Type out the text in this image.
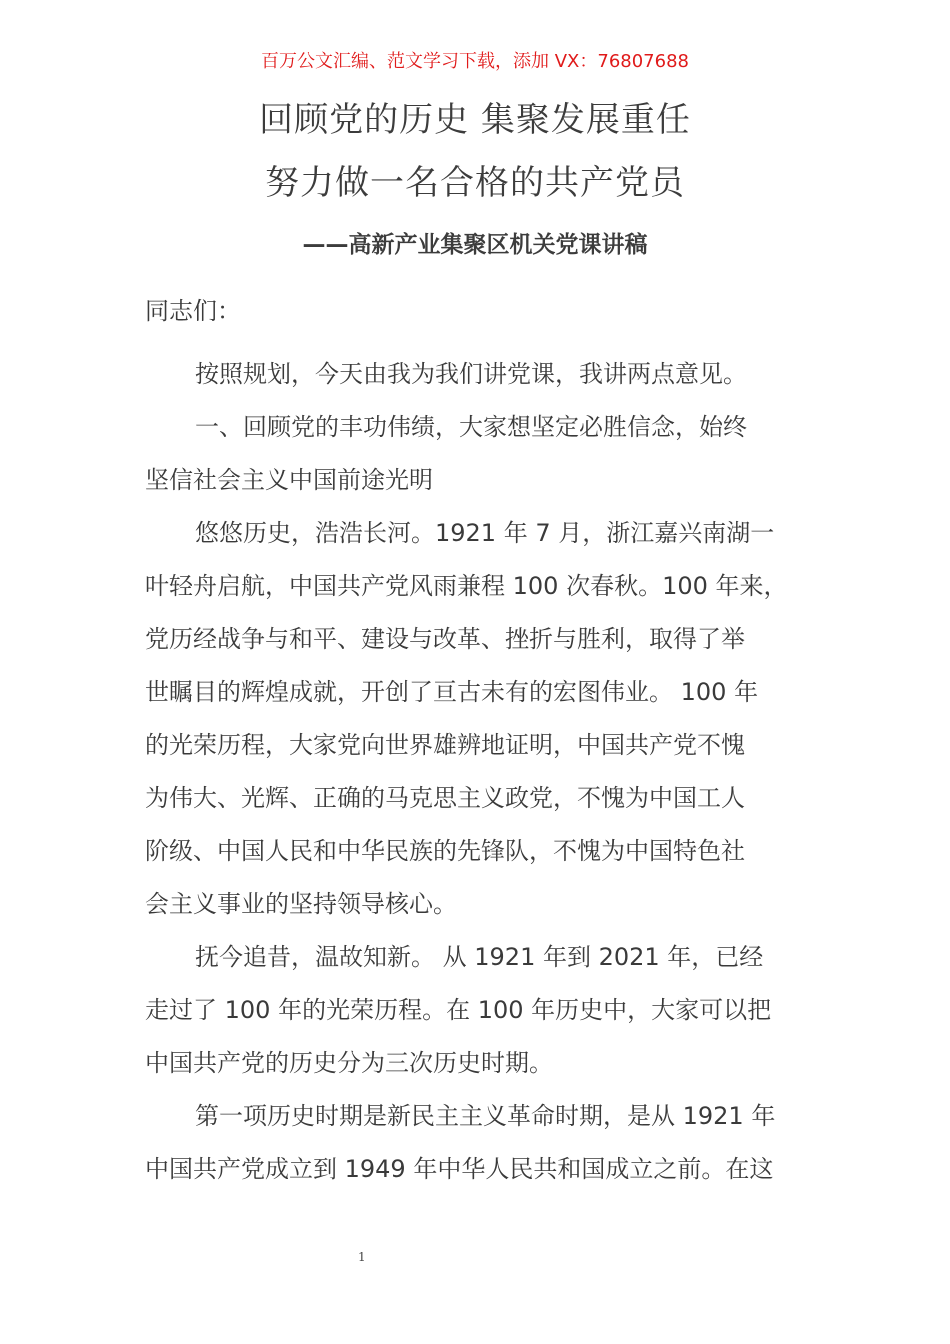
百万公文汇编、范文学习下载，添加 VX：76807688
回顾党的历史 集聚发展重任
努力做一名合格的共产党员
——高新产业集聚区机关党课讲稿
同志们：
按照规划，今天由我为我们讲党课，我讲两点意见。
一、回顾党的丰功伟绩，大家想坚定必胜信念，始终
坚信社会主义中国前途光明
悠悠历史，浩浩长河。1921 年 7 月，浙江嘉兴南湖一
叶轻舟启航，中国共产党风雨兼程 100 次春秋。100 年来，
党历经战争与和平、建设与改革、挫折与胜利，取得了举
世瞩目的辉煌成就，开创了亘古未有的宏图伟业。 100 年
的光荣历程，大家党向世界雄辨地证明，中国共产党不愧
为伟大、光辉、正确的马克思主义政党，不愧为中国工人
阶级、中国人民和中华民族的先锋队，不愧为中国特色社
会主义事业的坚持领导核心。
抚今追昔，温故知新。 从 1921 年到 2021 年，已经
走过了 100 年的光荣历程。在 100 年历史中，大家可以把
中国共产党的历史分为三次历史时期。
第一项历史时期是新民主主义革命时期，是从 1921 年
中国共产党成立到 1949 年中华人民共和国成立之前。在这
1
